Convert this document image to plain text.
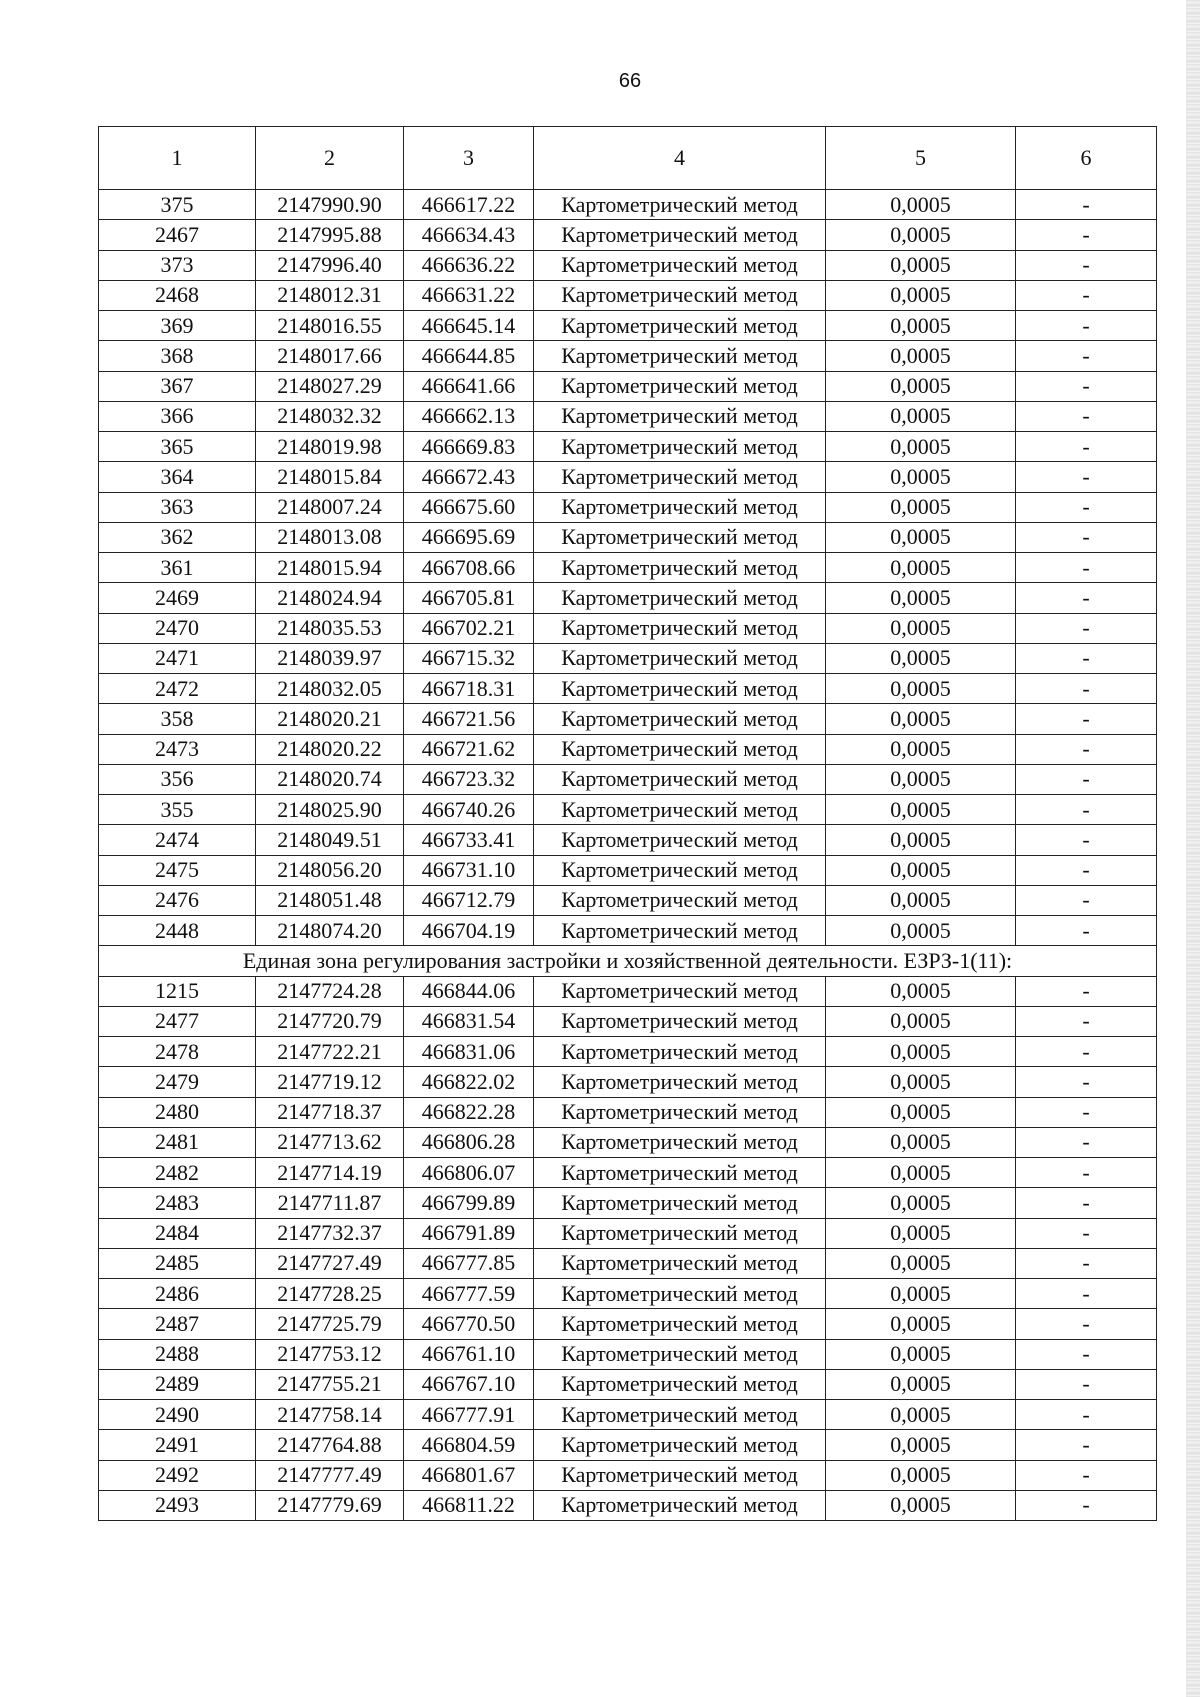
66
1	2	3	4	5	6
375	2147990.90	466617.22	Картометрический метод	0,0005	-
2467	2147995.88	466634.43	Картометрический метод	0,0005	-
373	2147996.40	466636.22	Картометрический метод	0,0005	-
2468	2148012.31	466631.22	Картометрический метод	0,0005	-
369	2148016.55	466645.14	Картометрический метод	0,0005	-
368	2148017.66	466644.85	Картометрический метод	0,0005	-
367	2148027.29	466641.66	Картометрический метод	0,0005	-
366	2148032.32	466662.13	Картометрический метод	0,0005	-
365	2148019.98	466669.83	Картометрический метод	0,0005	-
364	2148015.84	466672.43	Картометрический метод	0,0005	-
363	2148007.24	466675.60	Картометрический метод	0,0005	-
362	2148013.08	466695.69	Картометрический метод	0,0005	-
361	2148015.94	466708.66	Картометрический метод	0,0005	-
2469	2148024.94	466705.81	Картометрический метод	0,0005	-
2470	2148035.53	466702.21	Картометрический метод	0,0005	-
2471	2148039.97	466715.32	Картометрический метод	0,0005	-
2472	2148032.05	466718.31	Картометрический метод	0,0005	-
358	2148020.21	466721.56	Картометрический метод	0,0005	-
2473	2148020.22	466721.62	Картометрический метод	0,0005	-
356	2148020.74	466723.32	Картометрический метод	0,0005	-
355	2148025.90	466740.26	Картометрический метод	0,0005	-
2474	2148049.51	466733.41	Картометрический метод	0,0005	-
2475	2148056.20	466731.10	Картометрический метод	0,0005	-
2476	2148051.48	466712.79	Картометрический метод	0,0005	-
2448	2148074.20	466704.19	Картометрический метод	0,0005	-
Единая зона регулирования застройки и хозяйственной деятельности. ЕЗРЗ-1(11):					
1215	2147724.28	466844.06	Картометрический метод	0,0005	-
2477	2147720.79	466831.54	Картометрический метод	0,0005	-
2478	2147722.21	466831.06	Картометрический метод	0,0005	-
2479	2147719.12	466822.02	Картометрический метод	0,0005	-
2480	2147718.37	466822.28	Картометрический метод	0,0005	-
2481	2147713.62	466806.28	Картометрический метод	0,0005	-
2482	2147714.19	466806.07	Картометрический метод	0,0005	-
2483	2147711.87	466799.89	Картометрический метод	0,0005	-
2484	2147732.37	466791.89	Картометрический метод	0,0005	-
2485	2147727.49	466777.85	Картометрический метод	0,0005	-
2486	2147728.25	466777.59	Картометрический метод	0,0005	-
2487	2147725.79	466770.50	Картометрический метод	0,0005	-
2488	2147753.12	466761.10	Картометрический метод	0,0005	-
2489	2147755.21	466767.10	Картометрический метод	0,0005	-
2490	2147758.14	466777.91	Картометрический метод	0,0005	-
2491	2147764.88	466804.59	Картометрический метод	0,0005	-
2492	2147777.49	466801.67	Картометрический метод	0,0005	-
2493	2147779.69	466811.22	Картометрический метод	0,0005	-
